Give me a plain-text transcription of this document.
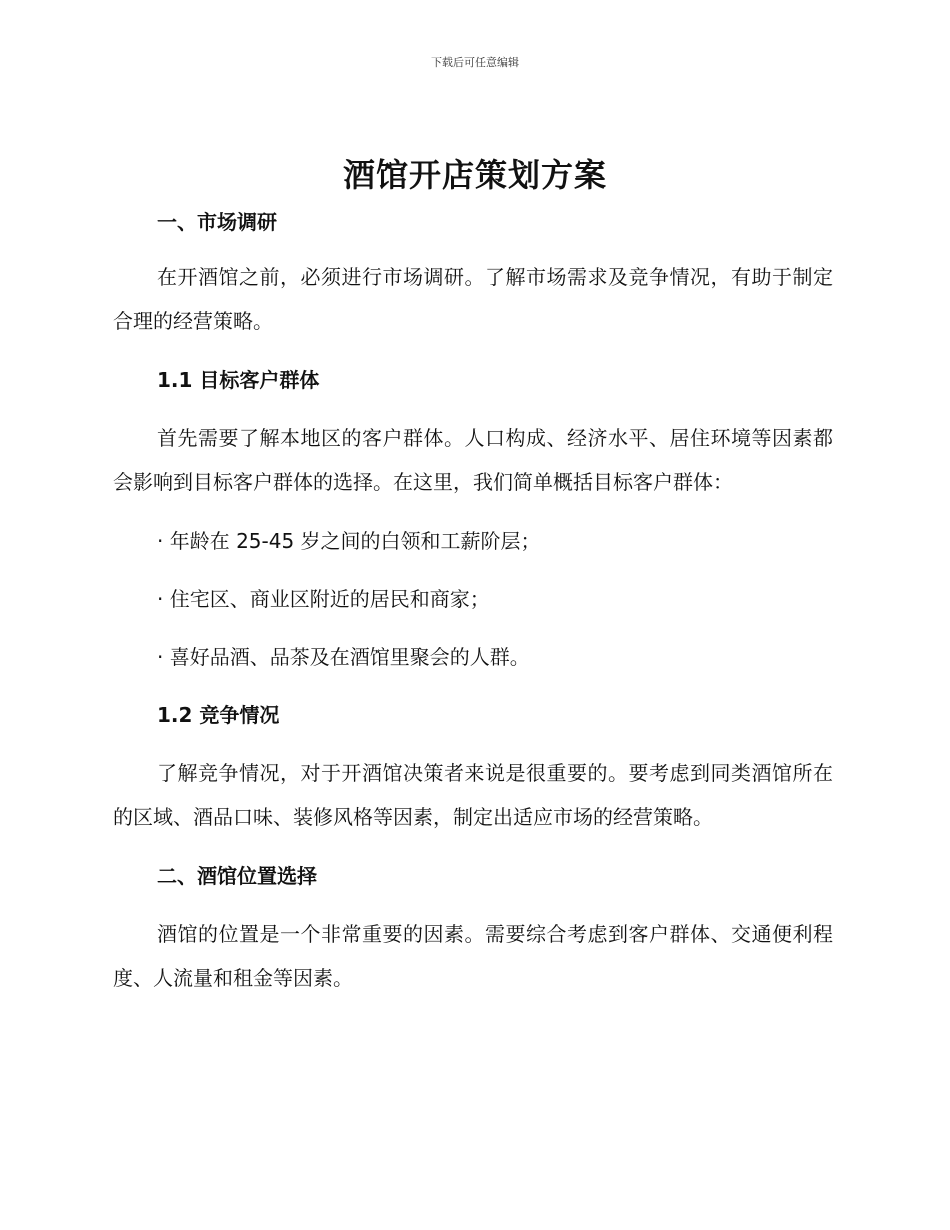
下载后可任意编辑
酒馆开店策划方案
一、市场调研

在开酒馆之前，必须进行市场调研。了解市场需求及竞争情况，有助于制定合理的经营策略。

1.1 目标客户群体

首先需要了解本地区的客户群体。人口构成、经济水平、居住环境等因素都会影响到目标客户群体的选择。在这里，我们简单概括目标客户群体：

· 年龄在 25-45 岁之间的白领和工薪阶层；
· 住宅区、商业区附近的居民和商家；
· 喜好品酒、品茶及在酒馆里聚会的人群。
1.2 竞争情况

了解竞争情况，对于开酒馆决策者来说是很重要的。要考虑到同类酒馆所在的区域、酒品口味、装修风格等因素，制定出适应市场的经营策略。

二、酒馆位置选择

酒馆的位置是一个非常重要的因素。需要综合考虑到客户群体、交通便利程度、人流量和租金等因素。
